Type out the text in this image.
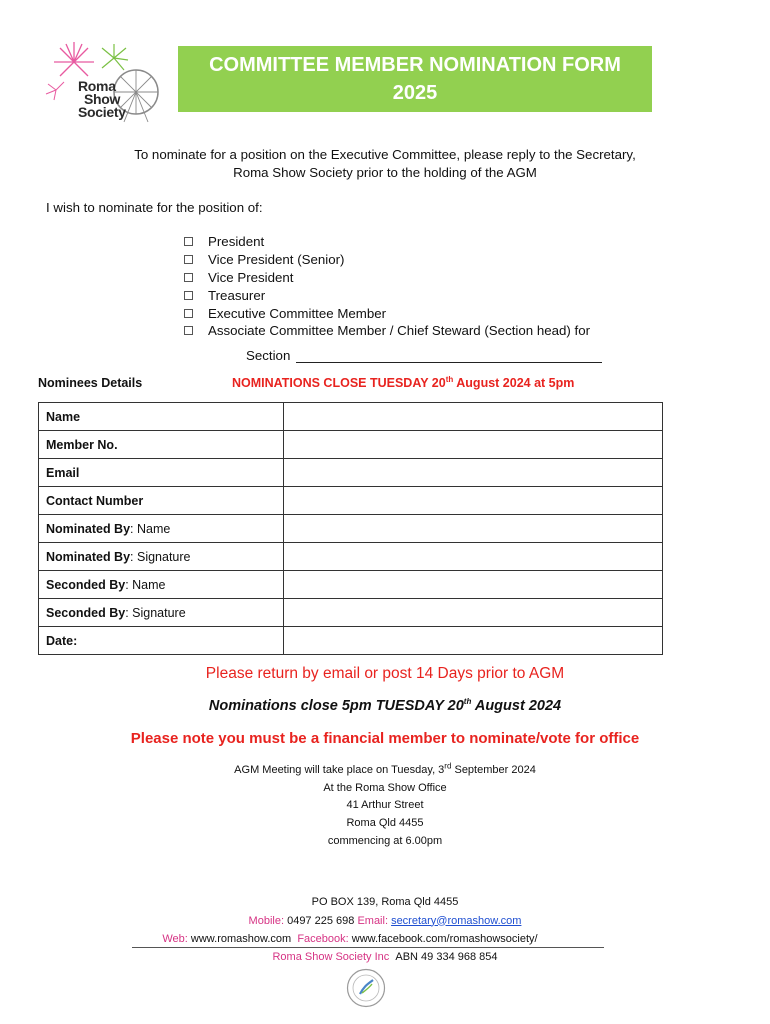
Roma
Show
Society
COMMITTEE MEMBER NOMINATION FORM
2025
To nominate for a position on the Executive Committee, please reply to the Secretary,
Roma Show Society prior to the holding of the AGM
I wish to nominate for the position of:
President
Vice President (Senior)
Vice President
Treasurer
Executive Committee Member
Associate Committee Member / Chief Steward (Section head) for
Section
Nominees Details	NOMINATIONS CLOSE TUESDAY 20th August 2024 at 5pm
Name	
Member No.	
Email	
Contact Number	
Nominated By: Name	
Nominated By: Signature	
Seconded By: Name	
Seconded By: Signature	
Date:	
Please return by email or post 14 Days prior to AGM
Nominations close 5pm TUESDAY 20th August 2024
Please note you must be a financial member to nominate/vote for office
AGM Meeting will take place on Tuesday, 3rd September 2024
At the Roma Show Office
41 Arthur Street
Roma Qld 4455
commencing at 6.00pm
PO BOX 139, Roma Qld 4455
Mobile: 0497 225 698 Email: secretary@romashow.com
Web: www.romashow.com Facebook: www.facebook.com/romashowsociety/
Roma Show Society Inc ABN 49 334 968 854
